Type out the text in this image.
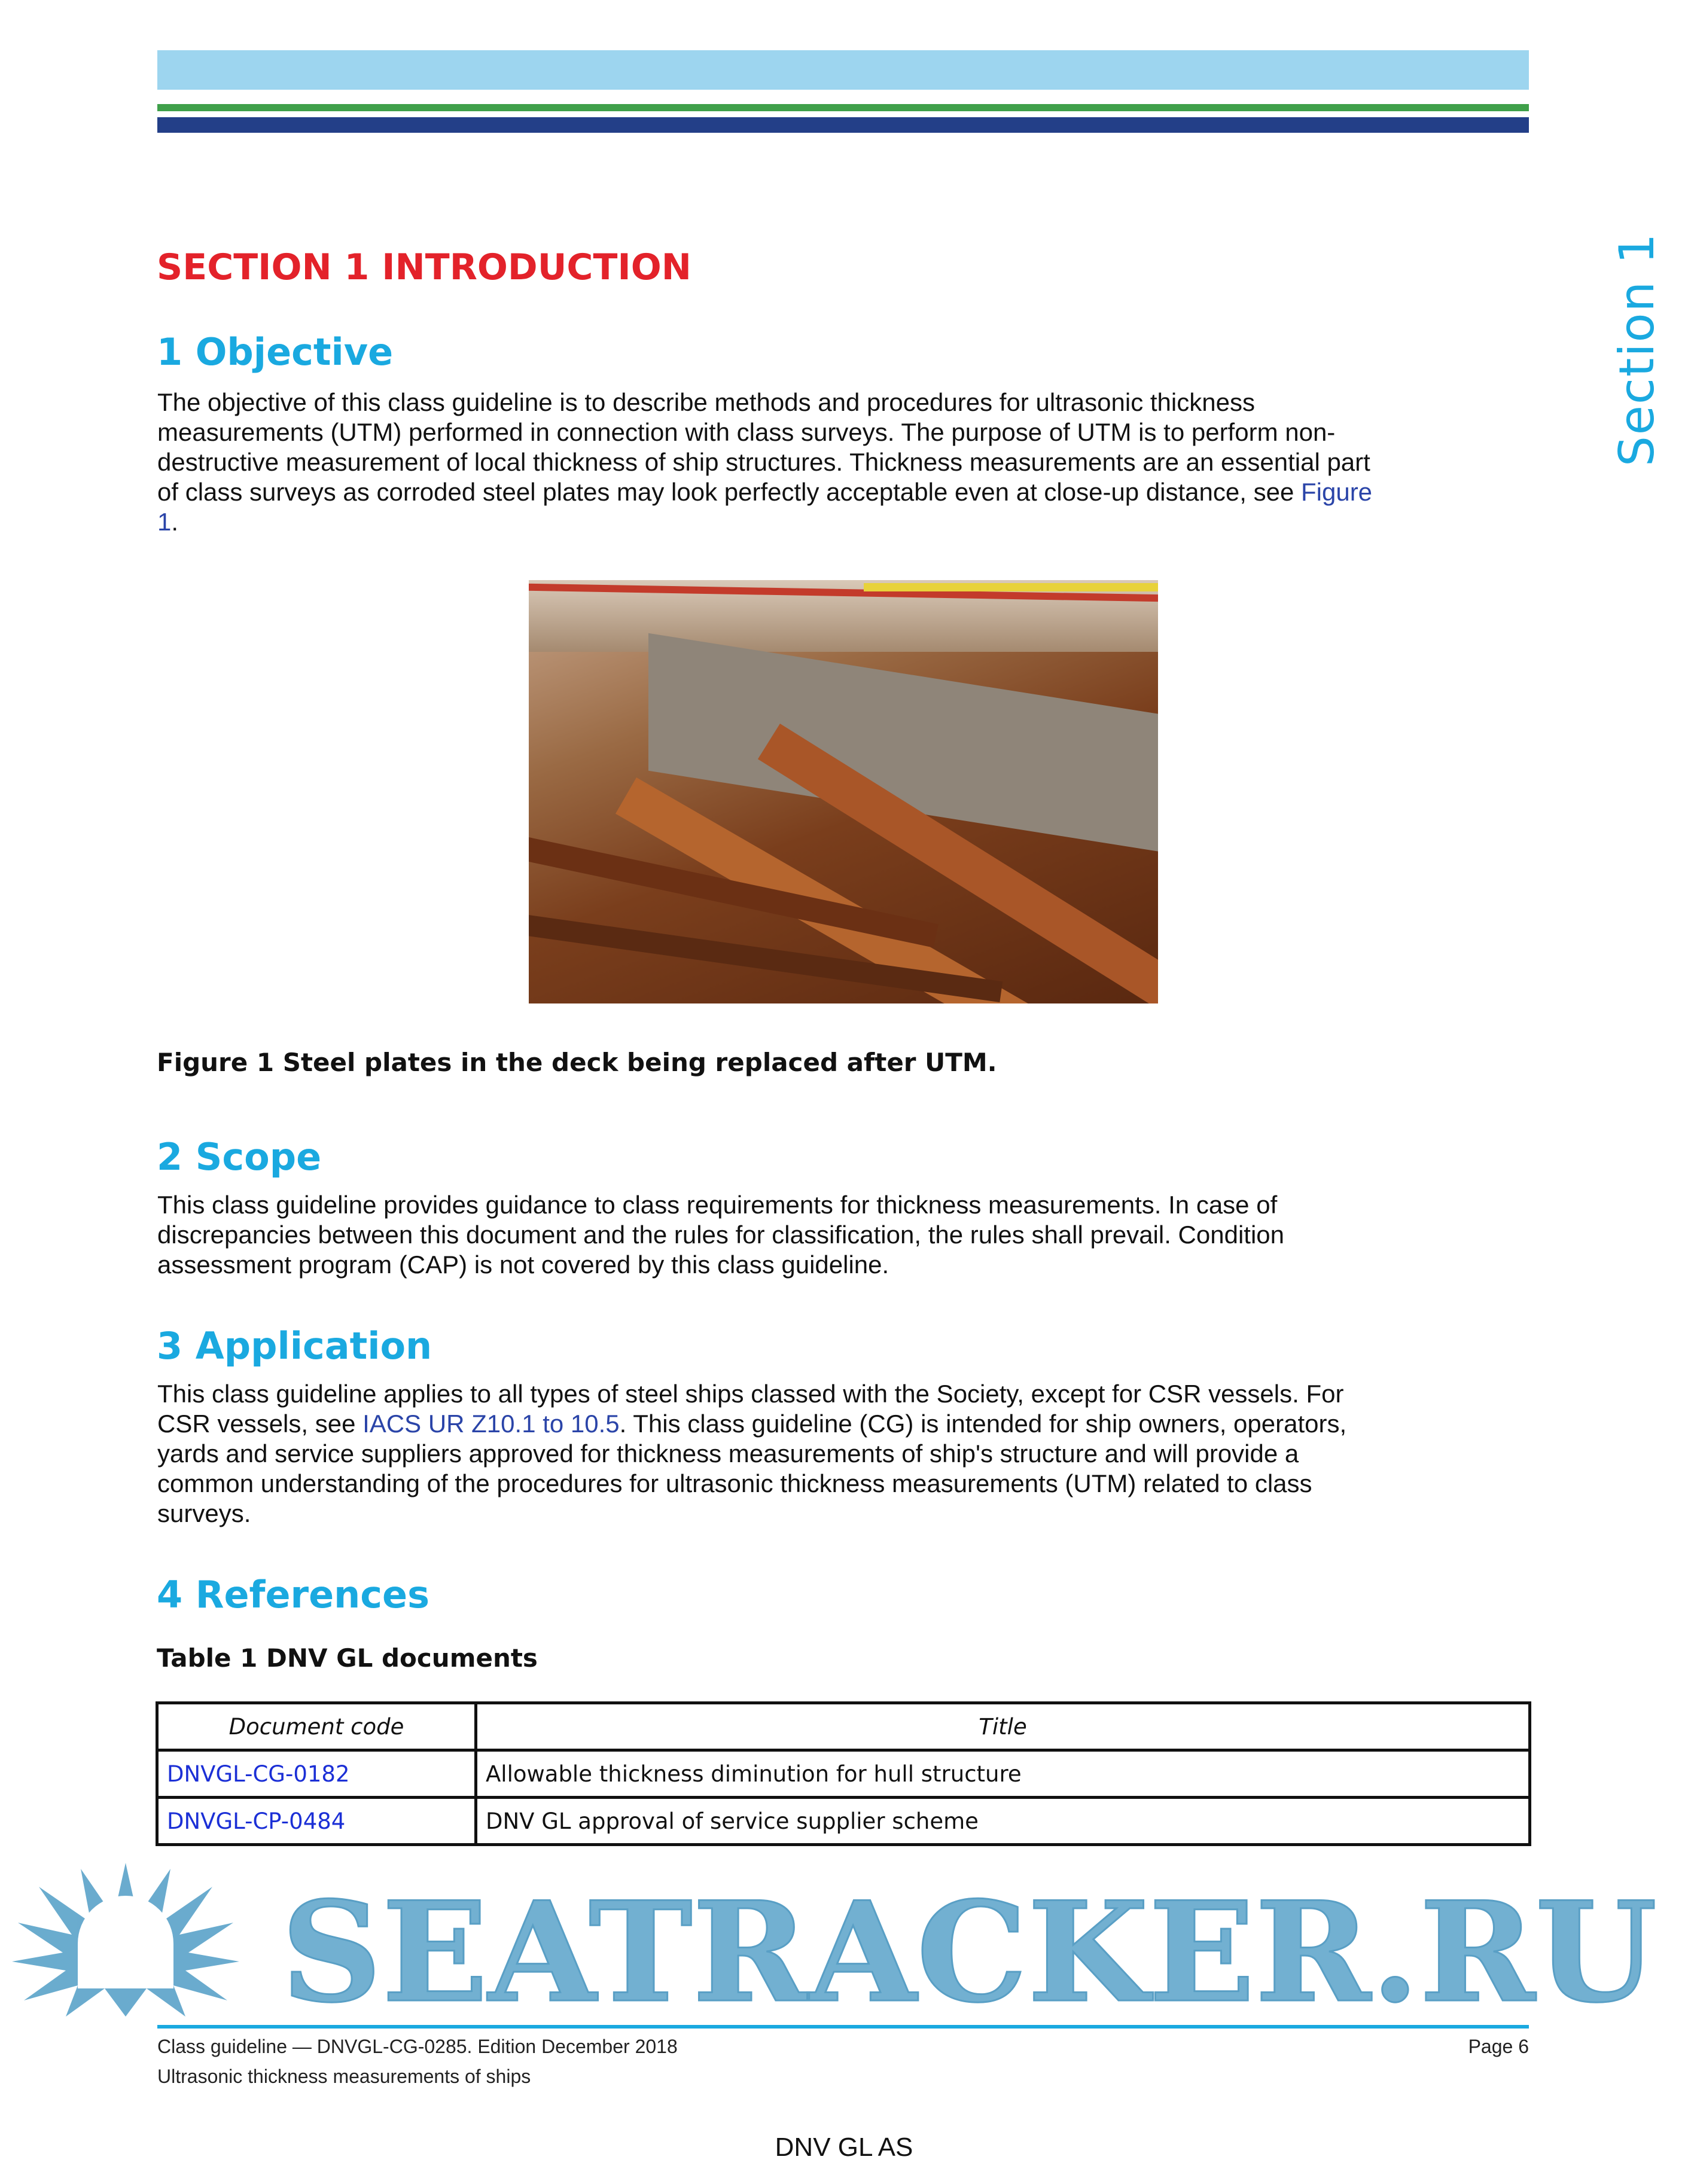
SECTION 1 INTRODUCTION	Section 1
1 Objective
The objective of this class guideline is to describe methods and procedures for ultrasonic thickness
measurements (UTM) performed in connection with class surveys. The purpose of UTM is to perform non-
destructive measurement of local thickness of ship structures. Thickness measurements are an essential part
of class surveys as corroded steel plates may look perfectly acceptable even at close-up distance, see Figure
1.
Figure 1 Steel plates in the deck being replaced after UTM.
2 Scope
This class guideline provides guidance to class requirements for thickness measurements. In case of
discrepancies between this document and the rules for classification, the rules shall prevail. Condition
assessment program (CAP) is not covered by this class guideline.
3 Application
This class guideline applies to all types of steel ships classed with the Society, except for CSR vessels. For
CSR vessels, see IACS UR Z10.1 to 10.5. This class guideline (CG) is intended for ship owners, operators,
yards and service suppliers approved for thickness measurements of ship's structure and will provide a
common understanding of the procedures for ultrasonic thickness measurements (UTM) related to class
surveys.
4 References
Table 1 DNV GL documents
Document code	Title
DNVGL-CG-0182	Allowable thickness diminution for hull structure
DNVGL-CP-0484	DNV GL approval of service supplier scheme
SEATRACKER.RU
Class guideline — DNVGL-CG-0285. Edition December 2018
Ultrasonic thickness measurements of ships
Page 6
DNV GL AS
